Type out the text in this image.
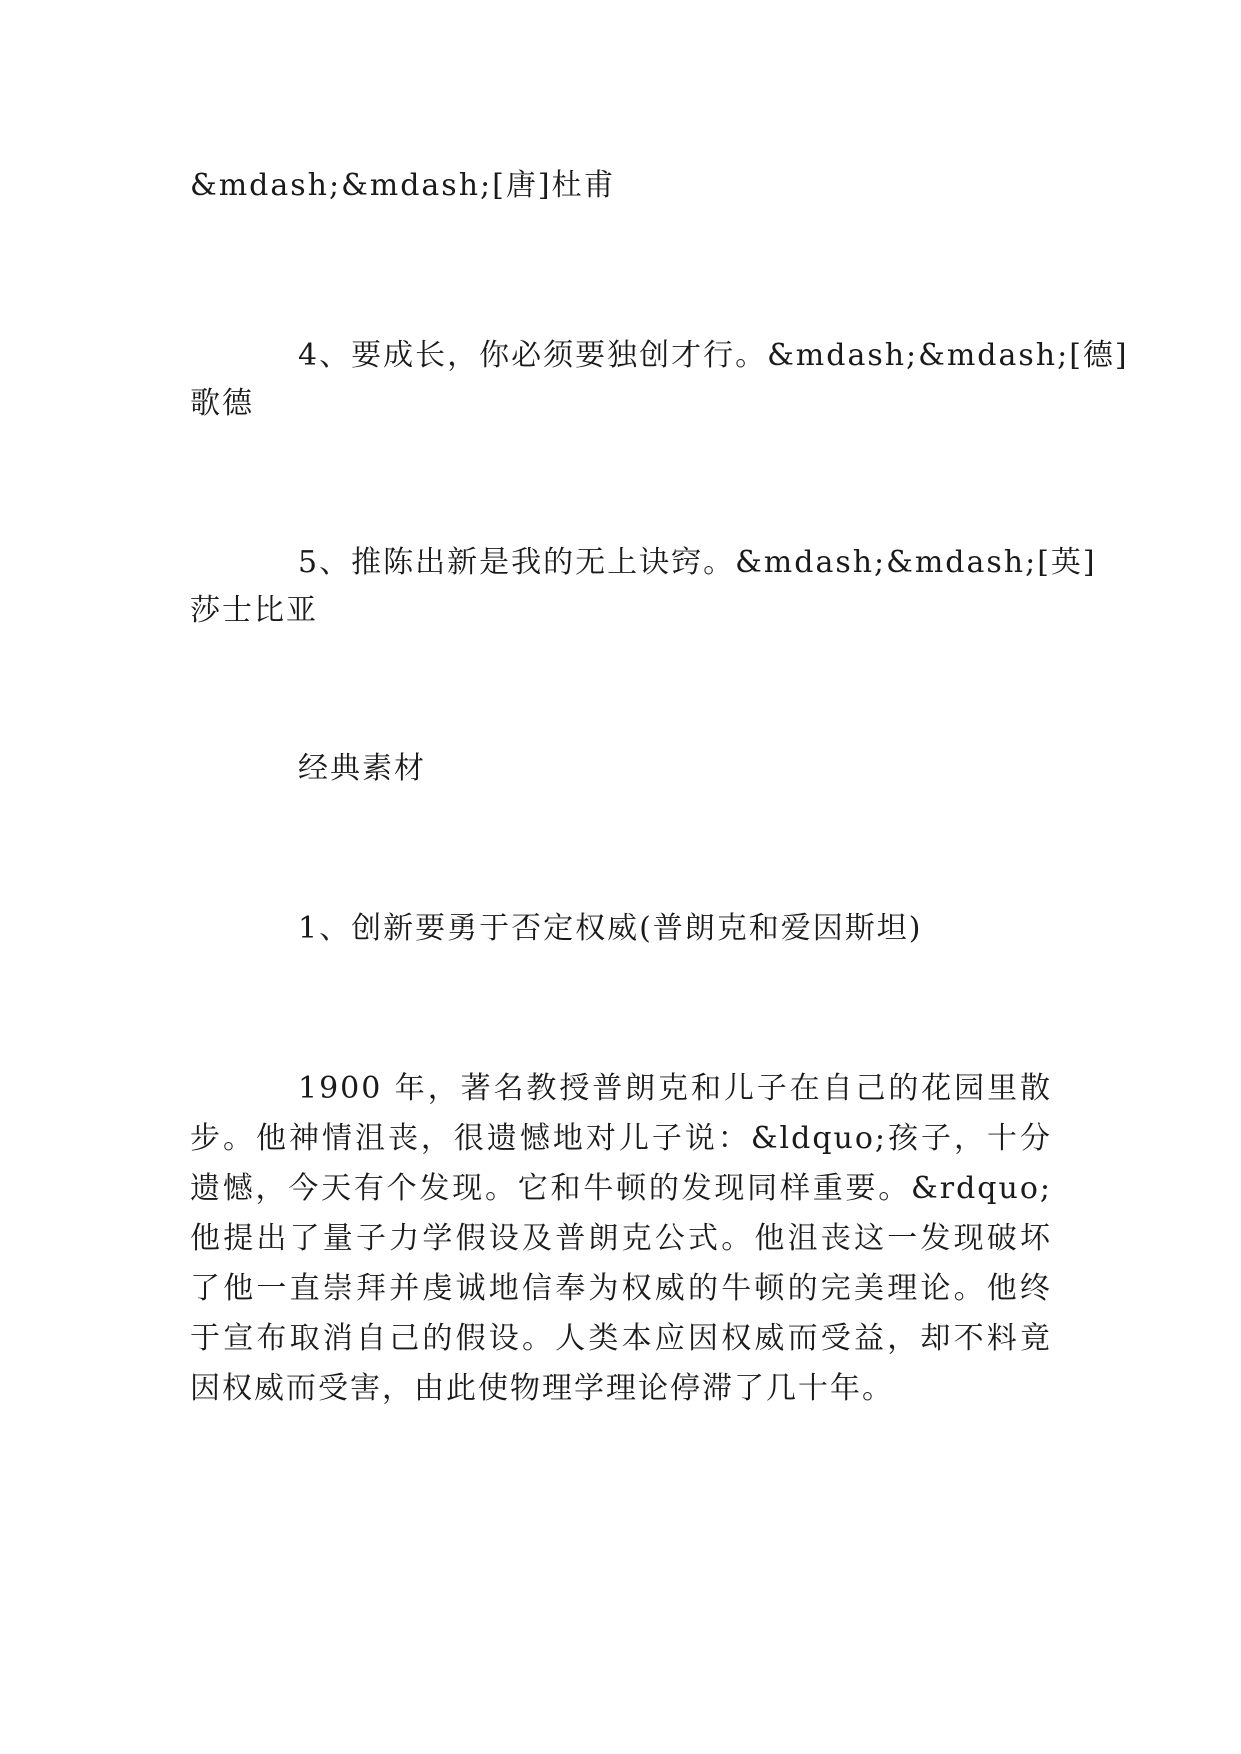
&mdash;&mdash;[唐]杜甫
4、要成长，你必须要独创才行。&mdash;&mdash;[德]
歌德
5、推陈出新是我的无上诀窍。&mdash;&mdash;[英]
莎士比亚
经典素材
1、创新要勇于否定权威(普朗克和爱因斯坦)
1900 年，著名教授普朗克和儿子在自己的花园里散
步。他神情沮丧，很遗憾地对儿子说：&ldquo;孩子，十分
遗憾，今天有个发现。它和牛顿的发现同样重要。&rdquo;
他提出了量子力学假设及普朗克公式。他沮丧这一发现破坏
了他一直崇拜并虔诚地信奉为权威的牛顿的完美理论。他终
于宣布取消自己的假设。人类本应因权威而受益，却不料竟
因权威而受害，由此使物理学理论停滞了几十年。
